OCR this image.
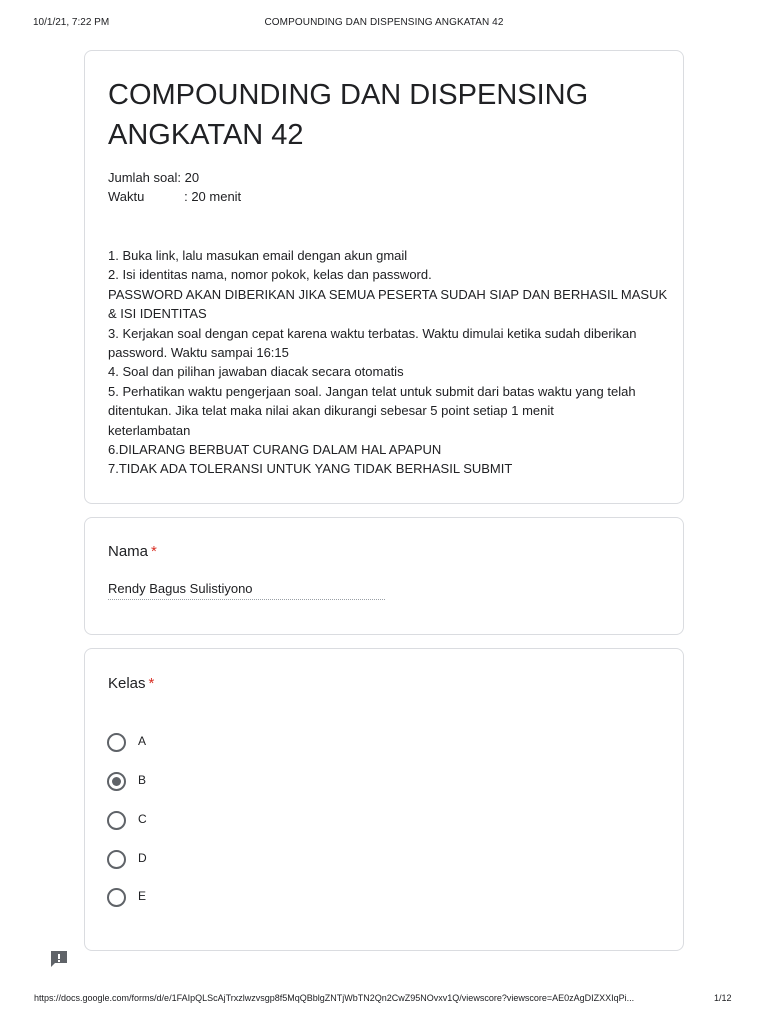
10/1/21, 7:22 PM	COMPOUNDING DAN DISPENSING ANGKATAN 42
COMPOUNDING DAN DISPENSING ANGKATAN 42
Jumlah soal: 20
Waktu           : 20 menit
1. Buka link, lalu masukan email dengan akun gmail
2. Isi identitas nama, nomor pokok, kelas dan password.
PASSWORD AKAN DIBERIKAN JIKA SEMUA PESERTA SUDAH SIAP DAN BERHASIL MASUK
& ISI IDENTITAS
3. Kerjakan soal dengan cepat karena waktu terbatas. Waktu dimulai ketika sudah diberikan
password. Waktu sampai 16:15
4. Soal dan pilihan jawaban diacak secara otomatis
5. Perhatikan waktu pengerjaan soal. Jangan telat untuk submit dari batas waktu yang telah
ditentukan. Jika telat maka nilai akan dikurangi sebesar 5 point setiap 1 menit
keterlambatan
6.DILARANG BERBUAT CURANG DALAM HAL APAPUN
7.TIDAK ADA TOLERANSI UNTUK YANG TIDAK BERHASIL SUBMIT
Nama *
Rendy Bagus Sulistiyono
Kelas *
A
B
C
D
E
https://docs.google.com/forms/d/e/1FAIpQLScAjTrxzlwzvsgp8f5MqQBblgZNTjWbTN2Qn2CwZ95NOvxv1Q/viewscore?viewscore=AE0zAgDIZXXIqPi...	1/12
